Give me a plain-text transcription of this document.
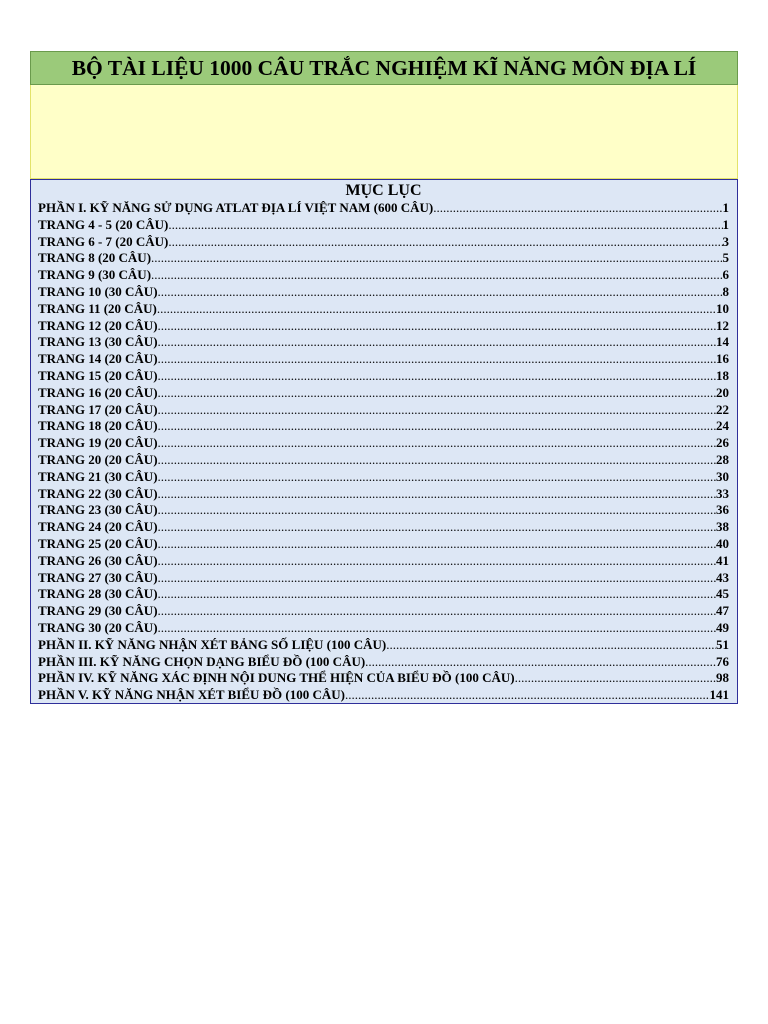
BỘ TÀI LIỆU 1000 CÂU TRẮC NGHIỆM KĨ NĂNG MÔN ĐỊA LÍ
MỤC LỤC
PHẦN I. KỸ NĂNG SỬ DỤNG ATLAT ĐỊA LÍ VIỆT NAM (600 CÂU) .....	1
TRANG 4 - 5 (20 CÂU) .....	1
TRANG 6 - 7 (20 CÂU) .....	3
TRANG 8 (20 CÂU) .....	5
TRANG 9 (30 CÂU) .....	6
TRANG 10 (30 CÂU) .....	8
TRANG 11 (20 CÂU) .....	10
TRANG 12 (20 CÂU) .....	12
TRANG 13 (30 CÂU) .....	14
TRANG 14 (20 CÂU) .....	16
TRANG 15 (20 CÂU) .....	18
TRANG 16 (20 CÂU) .....	20
TRANG 17 (20 CÂU) .....	22
TRANG 18 (20 CÂU) .....	24
TRANG 19 (20 CÂU) .....	26
TRANG 20 (20 CÂU) .....	28
TRANG 21 (30 CÂU) .....	30
TRANG 22 (30 CÂU) .....	33
TRANG 23 (30 CÂU) .....	36
TRANG 24 (20 CÂU) .....	38
TRANG 25 (20 CÂU) .....	40
TRANG 26 (30 CÂU) .....	41
TRANG 27 (30 CÂU) .....	43
TRANG 28 (30 CÂU) .....	45
TRANG 29 (30 CÂU) .....	47
TRANG 30 (20 CÂU) .....	49
PHẦN II. KỸ NĂNG NHẬN XÉT BẢNG SỐ LIỆU (100 CÂU) .....	51
PHẦN III. KỸ NĂNG CHỌN DẠNG BIỂU ĐỒ (100 CÂU) .....	76
PHẦN IV. KỸ NĂNG XÁC ĐỊNH NỘI DUNG THỂ HIỆN CỦA BIỂU ĐỒ (100 CÂU) .....	98
PHẦN V. KỸ NĂNG NHẬN XÉT BIỂU ĐỒ (100 CÂU) .....	141
